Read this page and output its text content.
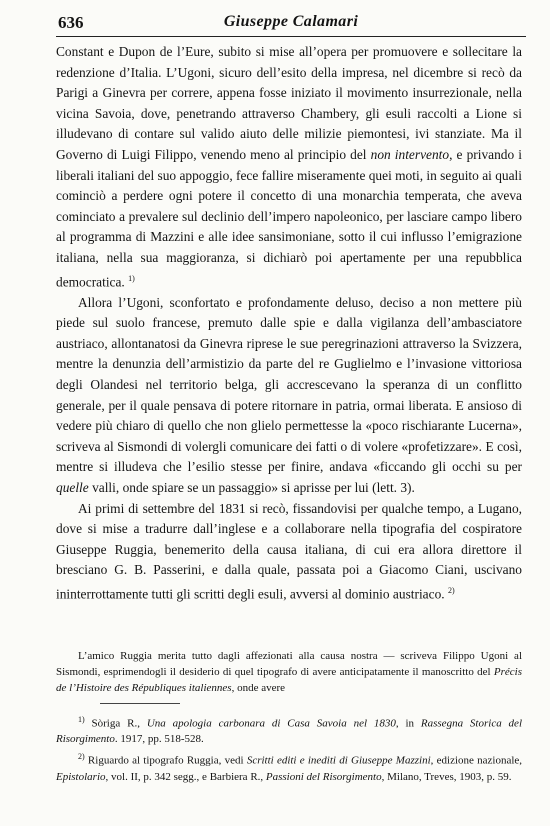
636	Giuseppe Calamari

Constant e Dupon de l’Eure, subito si mise all’opera per promuovere e sollecitare la redenzione d’Italia. L’Ugoni, sicuro dell’esito della impresa, nel dicembre si recò da Parigi a Ginevra per correre, appena fosse iniziato il movimento insurrezionale, nella vicina Savoia, dove, penetrando attraverso Chambery, gli esuli raccolti a Lione si illudevano di contare sul valido aiuto delle milizie piemontesi, ivi stanziate. Ma il Governo di Luigi Filippo, venendo meno al principio del non intervento, e privando i liberali italiani del suo appoggio, fece fallire miseramente quei moti, in seguito ai quali cominciò a perdere ogni potere il concetto di una monarchia temperata, che aveva cominciato a prevalere sul declinio dell’impero napoleonico, per lasciare campo libero al programma di Mazzini e alle idee sansimoniane, sotto il cui influsso l’emigrazione italiana, nella sua maggioranza, si dichiarò poi apertamente per una repubblica democratica. $^{1)}$

Allora l’Ugoni, sconfortato e profondamente deluso, deciso a non mettere più piede sul suolo francese, premuto dalle spie e dalla vigilanza dell’ambasciatore austriaco, allontanatosi da Ginevra riprese le sue peregrinazioni attraverso la Svizzera, mentre la denunzia dell’armistizio da parte del re Guglielmo e l’invasione vittoriosa degli Olandesi nel territorio belga, gli accrescevano la speranza di un conflitto generale, per il quale pensava di potere ritornare in patria, ormai liberata. E ansioso di vedere più chiaro di quello che non glielo permettesse la «poco rischiarante Lucerna», scriveva al Sismondi di volergli comunicare dei fatti o di volere «profetizzare». E così, mentre si illudeva che l’esilio stesse per finire, andava «ficcando gli occhi su per quelle valli, onde spiare se un passaggio» si aprisse per lui (lett. 3).

Ai primi di settembre del 1831 si recò, fissandovisi per qualche tempo, a Lugano, dove si mise a tradurre dall’inglese e a collaborare nella tipografia del cospiratore Giuseppe Ruggia, benemerito della causa italiana, di cui era allora direttore il bresciano G. B. Passerini, e dalla quale, passata poi a Giacomo Ciani, uscivano ininterrottamente tutti gli scritti degli esuli, avversi al dominio austriaco. $^{2)}$

L’amico Ruggia merita tutto dagli affezionati alla causa nostra — scriveva Filippo Ugoni al Sismondi, esprimendogli il desiderio di quel tipografo di avere anticipatamente il manoscritto del Précis de l’Histoire des Républiques italiennes, onde avere

$^{1)}$ Sòriga R., Una apologia carbonara di Casa Savoia nel 1830, in Rassegna Storica del Risorgimento. 1917, pp. 518-528.

$^{2)}$ Riguardo al tipografo Ruggia, vedi Scritti editi e inediti di Giuseppe Mazzini, edizione nazionale, Epistolario, vol. II, p. 342 segg., e Barbiera R., Passioni del Risorgimento, Milano, Treves, 1903, p. 59.
